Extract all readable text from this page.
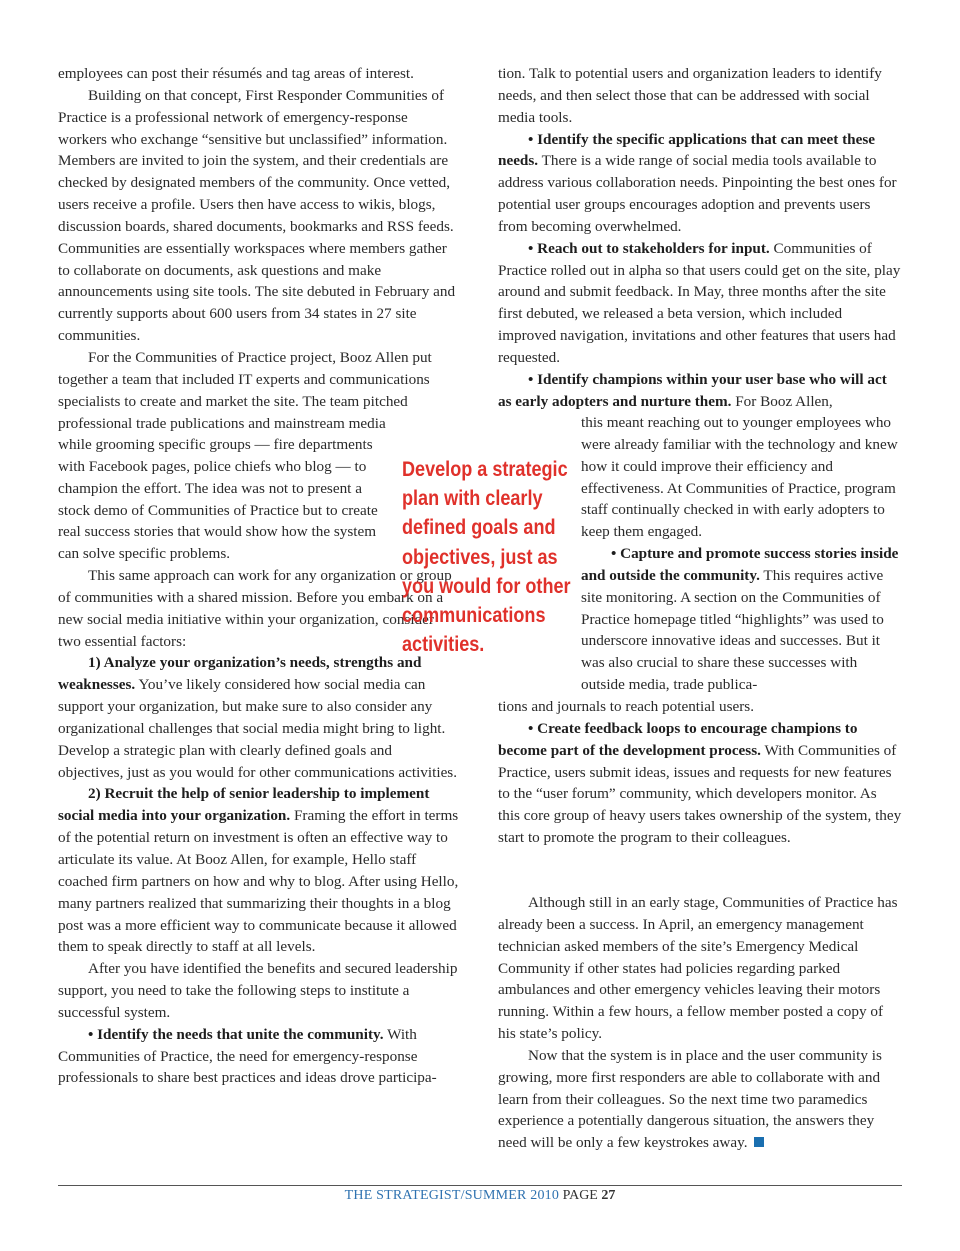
employees can post their résumés and tag areas of interest.

Building on that concept, First Responder Communities of Practice is a professional network of emergency-response workers who exchange “sensitive but unclassified” information. Members are invited to join the system, and their credentials are checked by designated members of the community. Once vetted, users receive a profile. Users then have access to wikis, blogs, discussion boards, shared documents, bookmarks and RSS feeds. Communities are essentially workspaces where members gather to collaborate on documents, ask questions and make announcements using site tools. The site debuted in February and currently supports about 600 users from 34 states in 27 site communities.

For the Communities of Practice project, Booz Allen put together a team that included IT experts and communications specialists to create and market the site. The team pitched professional trade publications and mainstream media

while grooming specific groups — fire departments with Facebook pages, police chiefs who blog — to champion the effort. The idea was not to present a stock demo of Communities of Practice but to create real success stories that would show how the system can solve specific problems.

This same approach can work for any organization or group of communities with a shared mission. Before you embark on a new social media initiative within your organization, consider two essential factors:

1) Analyze your organization’s needs, strengths and weaknesses. You’ve likely considered how social media can support your organization, but make sure to also consider any organizational challenges that social media might bring to light. Develop a strategic plan with clearly defined goals and objectives, just as you would for other communications activities.

2) Recruit the help of senior leadership to implement social media into your organization. Framing the effort in terms of the potential return on investment is often an effective way to articulate its value. At Booz Allen, for example, Hello staff coached firm partners on how and why to blog. After using Hello, many partners realized that summarizing their thoughts in a blog post was a more efficient way to communicate because it allowed them to speak directly to staff at all levels.

After you have identified the benefits and secured leadership support, you need to take the following steps to institute a successful system.

• Identify the needs that unite the community. With Communities of Practice, the need for emergency-response professionals to share best practices and ideas drove participa-

Develop a strategic
plan with clearly
defined goals and
objectives, just as
you would for other
communications
activities.

tion. Talk to potential users and organization leaders to identify needs, and then select those that can be addressed with social media tools.

• Identify the specific applications that can meet these needs. There is a wide range of social media tools available to address various collaboration needs. Pinpointing the best ones for potential user groups encourages adoption and prevents users from becoming overwhelmed.

• Reach out to stakeholders for input. Communities of Practice rolled out in alpha so that users could get on the site, play around and submit feedback. In May, three months after the site first debuted, we released a beta version, which included improved navigation, invitations and other features that users had requested.

• Identify champions within your user base who will act as early adopters and nurture them. For Booz Allen,

this meant reaching out to younger employees who were already familiar with the technology and knew how it could improve their efficiency and effectiveness. At Communities of Practice, program staff continually checked in with early adopters to keep them engaged.

• Capture and promote success stories inside and outside the community. This requires active site monitoring. A section on the Communities of Practice homepage titled “highlights” was used to underscore innovative ideas and successes. But it was also crucial to share these successes with outside media, trade publica-

tions and journals to reach potential users.

• Create feedback loops to encourage champions to become part of the development process. With Communities of Practice, users submit ideas, issues and requests for new features to the “user forum” community, which developers monitor. As this core group of heavy users takes ownership of the system, they start to promote the program to their colleagues.

Although still in an early stage, Communities of Practice has already been a success. In April, an emergency management technician asked members of the site’s Emergency Medical Community if other states had policies regarding parked ambulances and other emergency vehicles leaving their motors running. Within a few hours, a fellow member posted a copy of his state’s policy.

Now that the system is in place and the user community is growing, more first responders are able to collaborate with and learn from their colleagues. So the next time two paramedics experience a potentially dangerous situation, the answers they need will be only a few keystrokes away.

THE STRATEGIST/SUMMER 2010 PAGE 27
